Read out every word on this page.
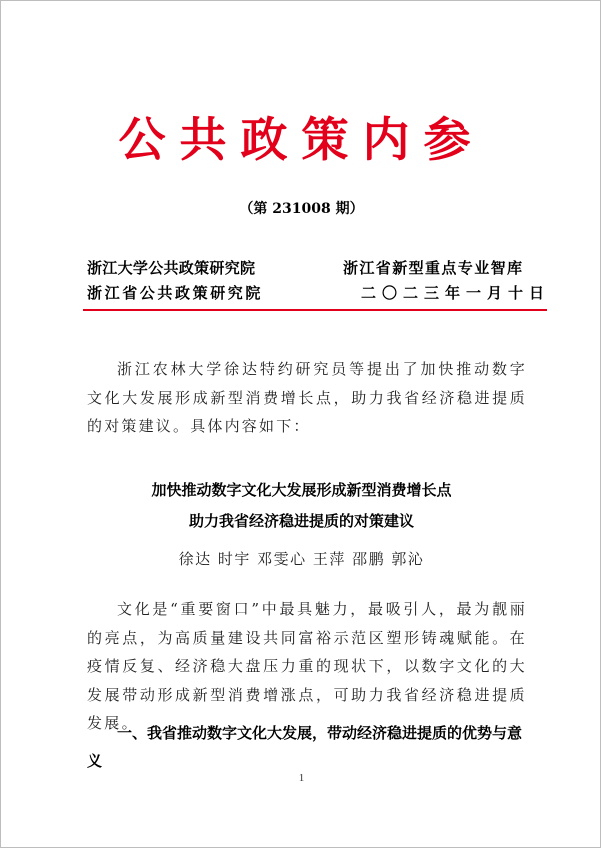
公共政策内参
（第 231008 期）
浙江大学公共政策研究院
浙江省公共政策研究院
浙江省新型重点专业智库
二〇二三年一月十日
浙江农林大学徐达特约研究员等提出了加快推动数字文化大发展形成新型消费增长点，助力我省经济稳进提质的对策建议。具体内容如下：
加快推动数字文化大发展形成新型消费增长点
助力我省经济稳进提质的对策建议
徐达 时宇 邓雯心 王萍 邵鹏 郭沁
文化是“重要窗口”中最具魅力，最吸引人，最为靓丽的亮点，为高质量建设共同富裕示范区塑形铸魂赋能。在疫情反复、经济稳大盘压力重的现状下，以数字文化的大发展带动形成新型消费增涨点，可助力我省经济稳进提质发展。
一、我省推动数字文化大发展，带动经济稳进提质的优势与意义
1
